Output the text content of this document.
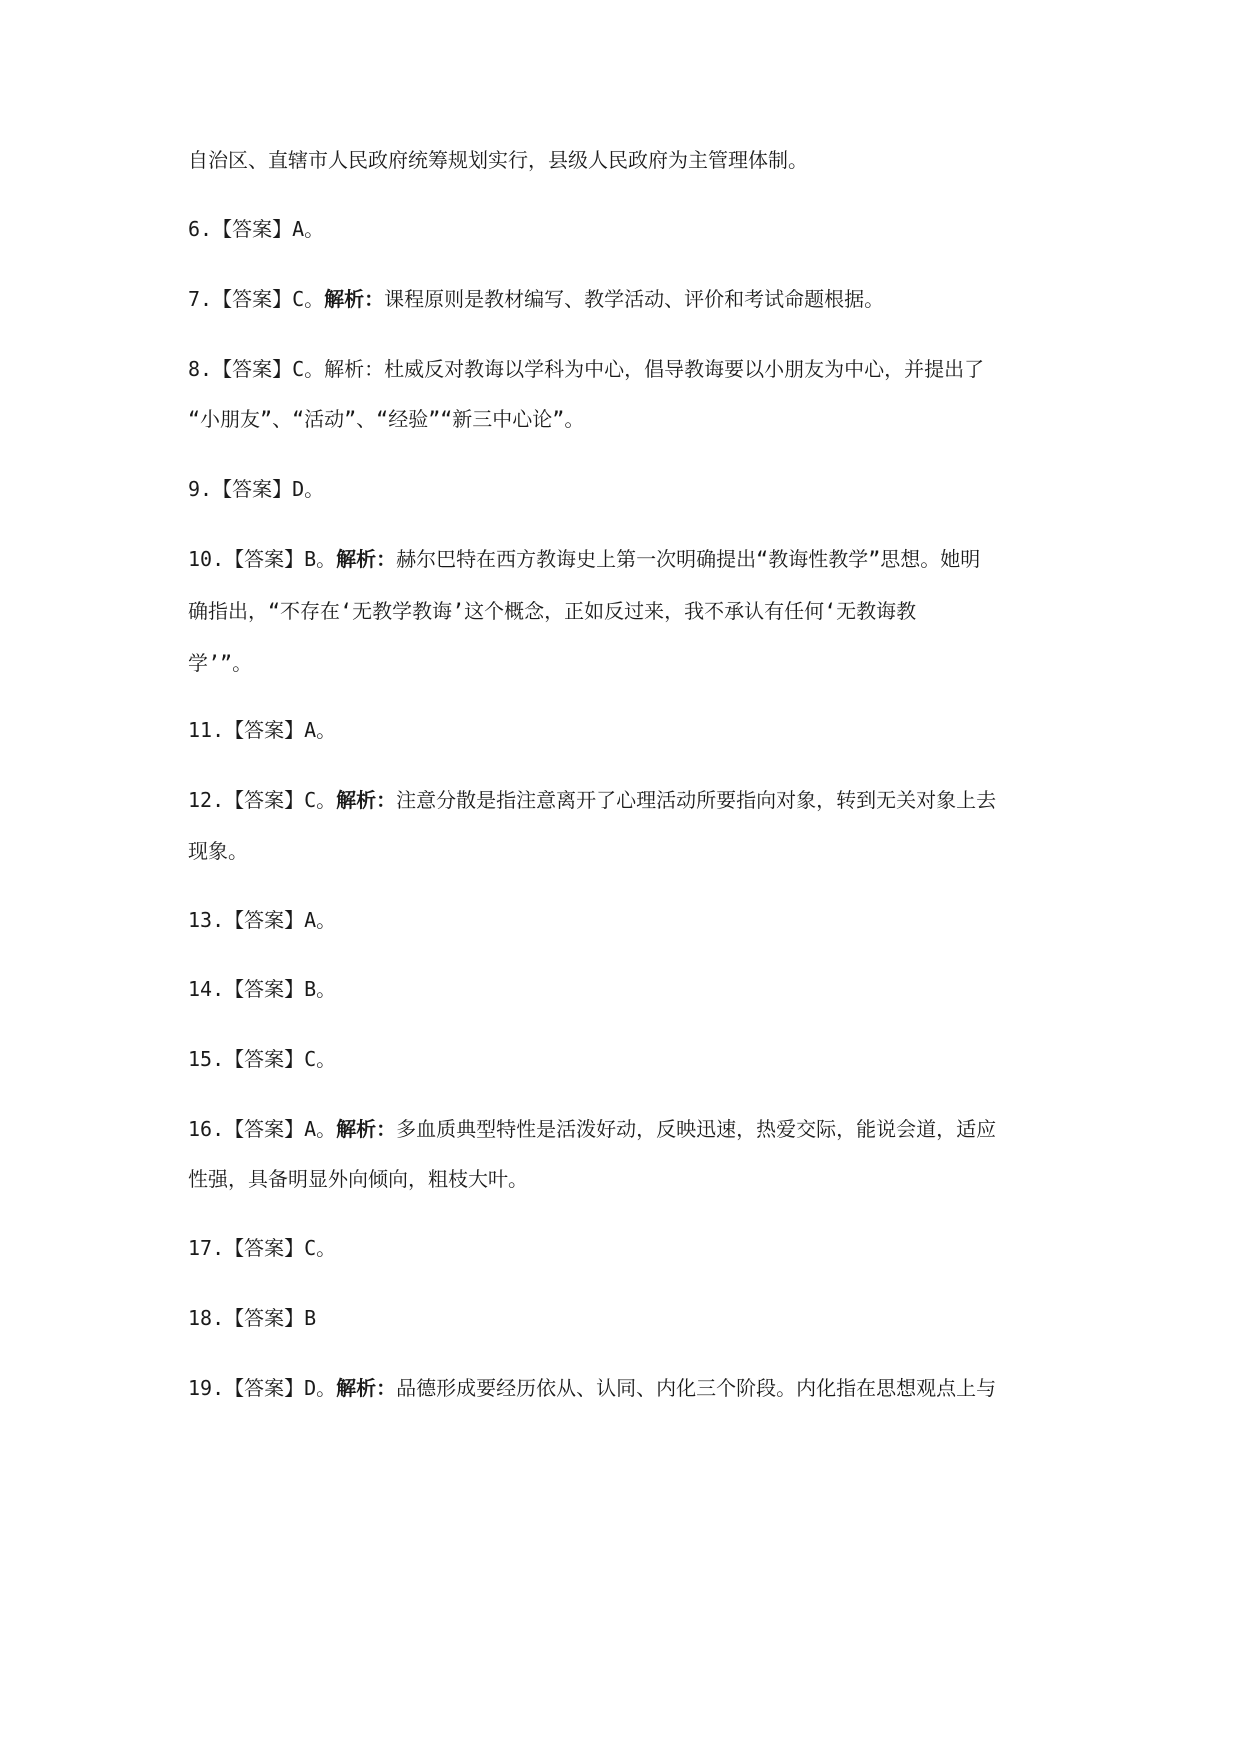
自治区、直辖市人民政府统筹规划实行，县级人民政府为主管理体制。
6.【答案】A。
7.【答案】C。解析：课程原则是教材编写、教学活动、评价和考试命题根据。
8.【答案】C。解析：杜威反对教诲以学科为中心，倡导教诲要以小朋友为中心，并提出了
“小朋友”、“活动”、“经验”“新三中心论”。
9.【答案】D。
10.【答案】B。解析：赫尔巴特在西方教诲史上第一次明确提出“教诲性教学”思想。她明
确指出，“不存在‘无教学教诲’这个概念，正如反过来，我不承认有任何‘无教诲教
学’”。
11.【答案】A。
12.【答案】C。解析：注意分散是指注意离开了心理活动所要指向对象，转到无关对象上去
现象。
13.【答案】A。
14.【答案】B。
15.【答案】C。
16.【答案】A。解析：多血质典型特性是活泼好动，反映迅速，热爱交际，能说会道，适应
性强，具备明显外向倾向，粗枝大叶。
17.【答案】C。
18.【答案】B
19.【答案】D。解析：品德形成要经历依从、认同、内化三个阶段。内化指在思想观点上与
